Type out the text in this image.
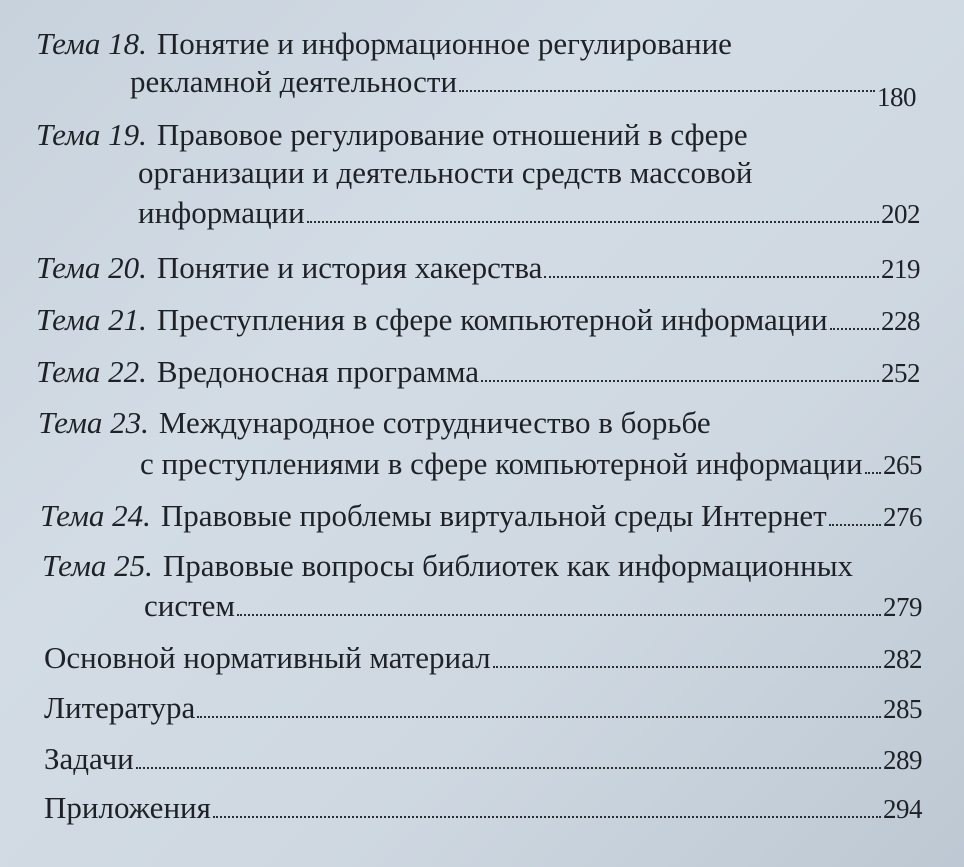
Тема 18. Понятие и информационное регулирование
рекламной деятельности	180
Тема 19. Правовое регулирование отношений в сфере
организации и деятельности средств массовой
информации	202
Тема 20. Понятие и история хакерства	219
Тема 21. Преступления в сфере компьютерной информации 228
Тема 22. Вредоносная программа	252
Тема 23. Международное сотрудничество в борьбе
с преступлениями в сфере компьютерной информации 265
Тема 24. Правовые проблемы виртуальной среды Интернет 276
Тема 25. Правовые вопросы библиотек как информационных
систем	279
Основной нормативный материал	282
Литература	285
Задачи	289
Приложения	294
